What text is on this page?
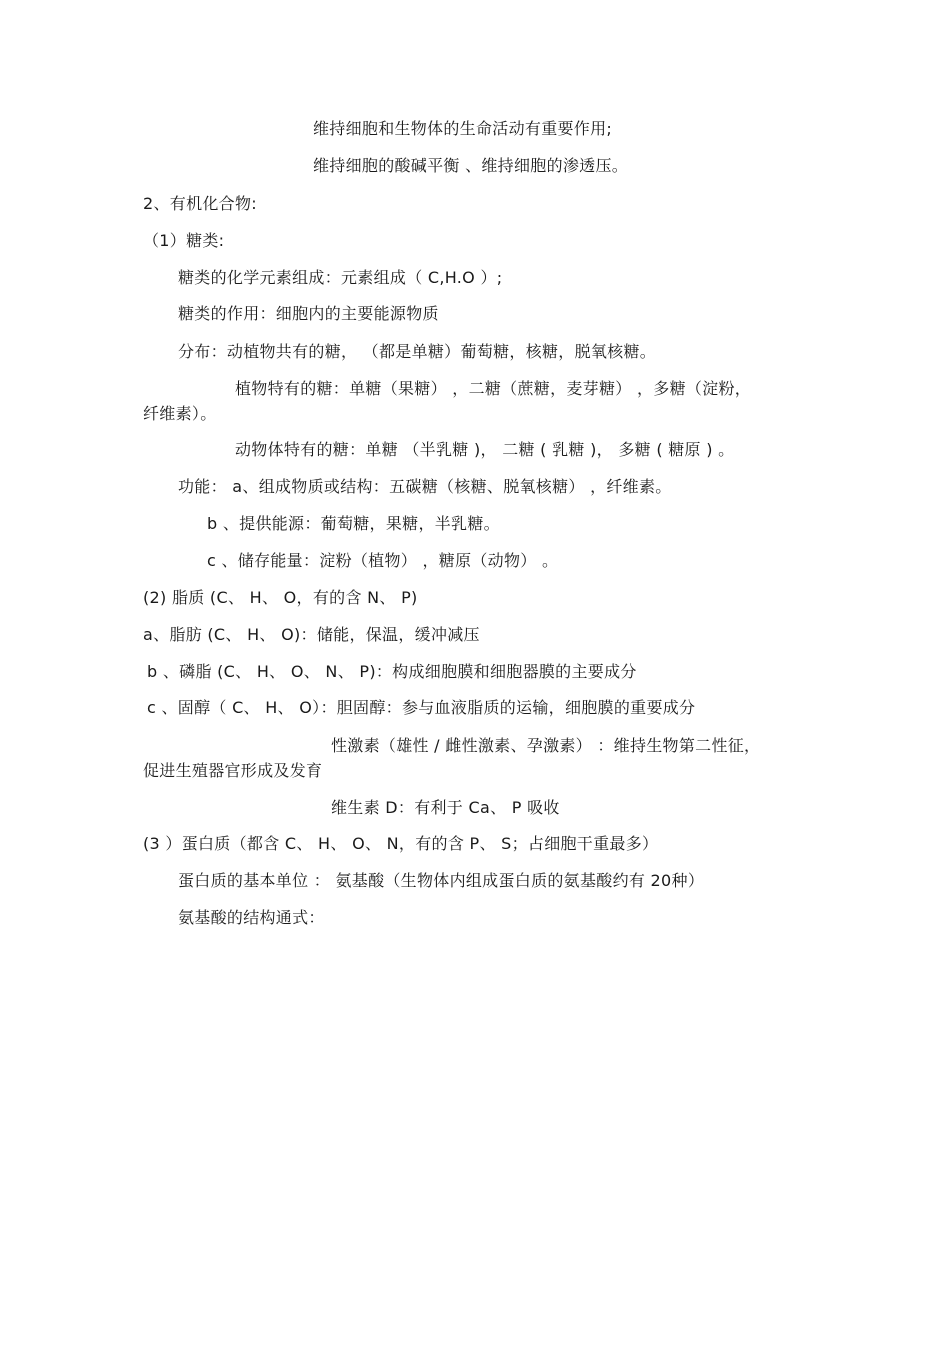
维持细胞和生物体的生命活动有重要作用;
维持细胞的酸碱平衡 、维持细胞的渗透压。
2、有机化合物:
（1）糖类:
糖类的化学元素组成：元素组成（ C,H.O ）;
糖类的作用：细胞内的主要能源物质
分布：动植物共有的糖， （都是单糖）葡萄糖，核糖，脱氧核糖。
植物特有的糖：单糖（果糖） ，二糖（蔗糖，麦芽糖） ，多糖（淀粉，
纤维素）。
动物体特有的糖：单糖 （半乳糖 )， 二糖 ( 乳糖 )， 多糖 ( 糖原 ) 。
功能： a、组成物质或结构：五碳糖（核糖、脱氧核糖） ，纤维素。
b 、提供能源：葡萄糖，果糖，半乳糖。
c 、储存能量：淀粉（植物） ，糖原（动物） 。
(2) 脂质 (C、 H、 O，有的含 N、 P)
a、脂肪 (C、 H、 O)：储能，保温，缓冲减压
b 、磷脂 (C、 H、 O、 N、 P)：构成细胞膜和细胞器膜的主要成分
c 、固醇（ C、 H、 O）：胆固醇：参与血液脂质的运输，细胞膜的重要成分
性激素（雄性 / 雌性激素、孕激素） ：维持生物第二性征，
促进生殖器官形成及发育
维生素 D：有利于 Ca、 P 吸收
(3 ）蛋白质（都含 C、 H、 O、 N，有的含 P、 S；占细胞干重最多）
蛋白质的基本单位 ： 氨基酸（生物体内组成蛋白质的氨基酸约有 20种）
氨基酸的结构通式：
